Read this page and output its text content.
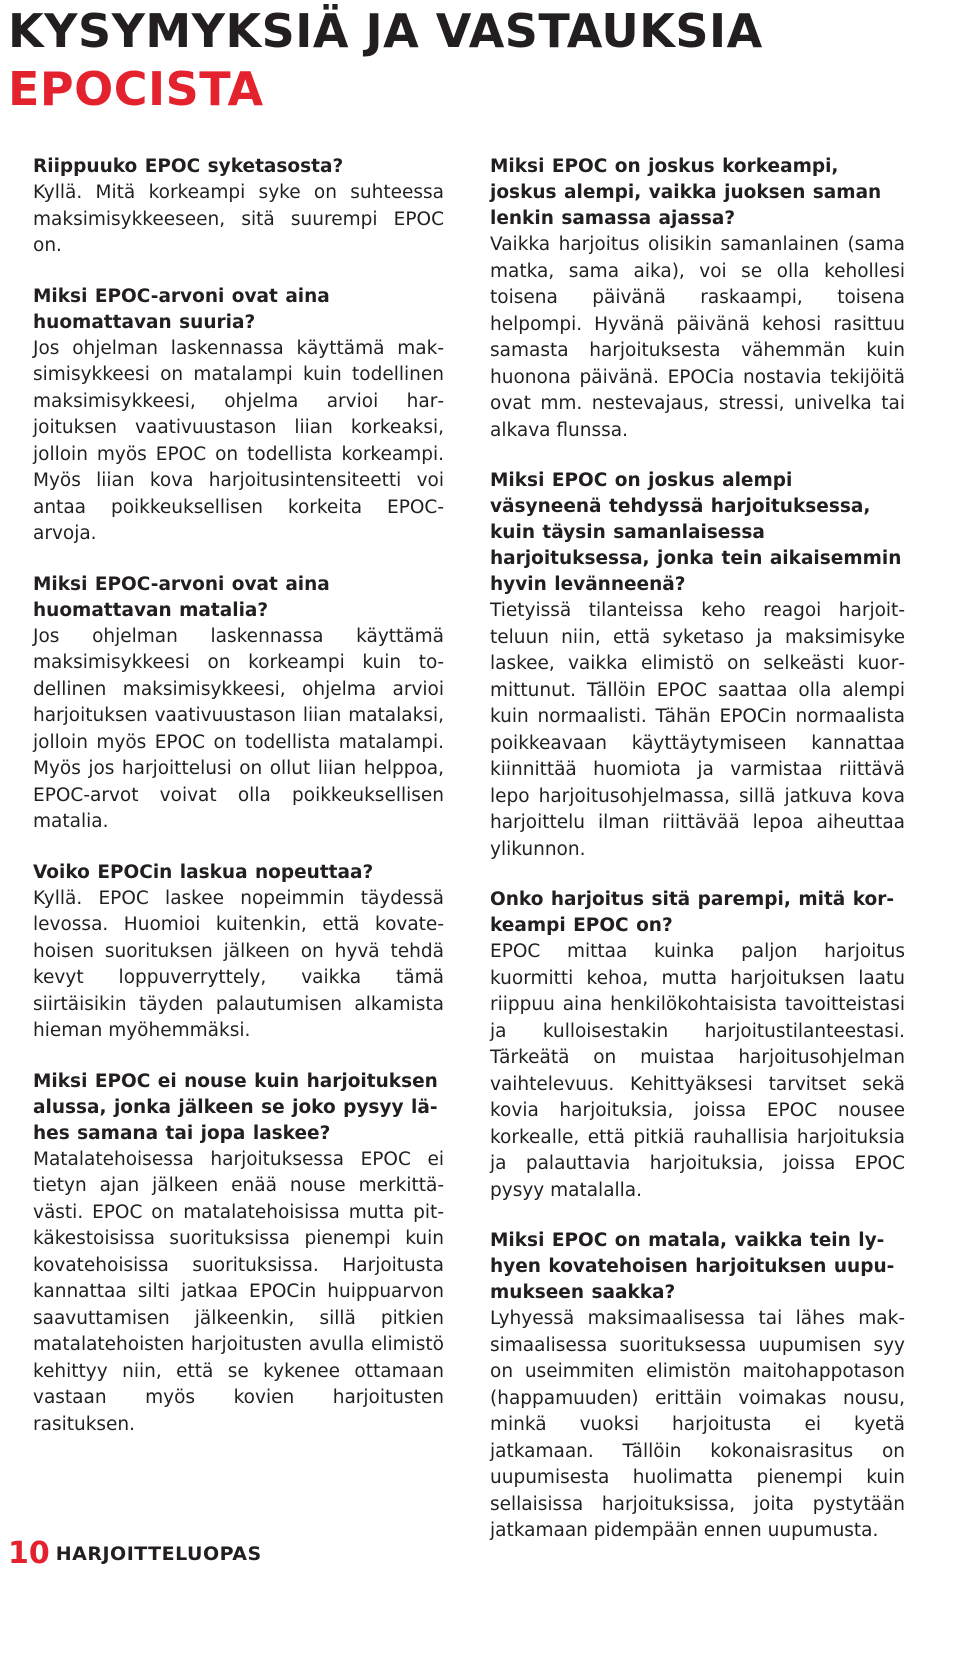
KYSYMYKSIÄ JA VASTAUKSIA
EPOCISTA

Riippuuko EPOC syketasosta?

Kyllä. Mitä korkeampi syke on suhteessa maksimisykkeeseen, sitä suurempi EPOC on.

Miksi EPOC-arvoni ovat aina huomattavan suuria?

Jos ohjelman laskennassa käyttämä maksimisykkeesi on matalampi kuin todellinen maksimisykkeesi, ohjelma arvioi harjoituksen vaativuustason liian korkeaksi, jolloin myös EPOC on todellista korkeampi. Myös liian kova harjoitusintensiteetti voi antaa poikkeuksellisen korkeita EPOC-arvoja.

Miksi EPOC-arvoni ovat aina huomattavan matalia?

Jos ohjelman laskennassa käyttämä maksimisykkeesi on korkeampi kuin todellinen maksimisykkeesi, ohjelma arvioi harjoituksen vaativuustason liian matalaksi, jolloin myös EPOC on todellista matalampi. Myös jos harjoittelusi on ollut liian helppoa, EPOC-arvot voivat olla poikkeuksellisen matalia.

Voiko EPOCin laskua nopeuttaa?

Kyllä. EPOC laskee nopeimmin täydessä levossa. Huomioi kuitenkin, että kovatehoisen suorituksen jälkeen on hyvä tehdä kevyt loppuverryttely, vaikka tämä siirtäisikin täyden palautumisen alkamista hieman myöhemmäksi.

Miksi EPOC ei nouse kuin harjoituksen alussa, jonka jälkeen se joko pysyy lähes samana tai jopa laskee?

Matalatehoisessa harjoituksessa EPOC ei tietyn ajan jälkeen enää nouse merkittävästi. EPOC on matalatehoisissa mutta pitkäkestoisissa suorituksissa pienempi kuin kovatehoisissa suorituksissa. Harjoitusta kannattaa silti jatkaa EPOCin huippuarvon saavuttamisen jälkeenkin, sillä pitkien matalatehoisten harjoitusten avulla elimistö kehittyy niin, että se kykenee ottamaan vastaan myös kovien harjoitusten rasituksen.

Miksi EPOC on joskus korkeampi, joskus alempi, vaikka juoksen saman lenkin samassa ajassa?

Vaikka harjoitus olisikin samanlainen (sama matka, sama aika), voi se olla kehollesi toisena päivänä raskaampi, toisena helpompi. Hyvänä päivänä kehosi rasittuu samasta harjoituksesta vähemmän kuin huonona päivänä. EPOCia nostavia tekijöitä ovat mm. nestevajaus, stressi, univelka tai alkava flunssa.

Miksi EPOC on joskus alempi väsyneenä tehdyssä harjoituksessa, kuin täysin samanlaisessa harjoituksessa, jonka tein aikaisemmin hyvin levänneenä?

Tietyissä tilanteissa keho reagoi harjoitteluun niin, että syketaso ja maksimisyke laskee, vaikka elimistö on selkeästi kuormittunut. Tällöin EPOC saattaa olla alempi kuin normaalisti. Tähän EPOCin normaalista poikkeavaan käyttäytymiseen kannattaa kiinnittää huomiota ja varmistaa riittävä lepo harjoitusohjelmassa, sillä jatkuva kova harjoittelu ilman riittävää lepoa aiheuttaa ylikunnon.

Onko harjoitus sitä parempi, mitä korkeampi EPOC on?

EPOC mittaa kuinka paljon harjoitus kuormitti kehoa, mutta harjoituksen laatu riippuu aina henkilökohtaisista tavoitteistasi ja kulloisestakin harjoitustilanteestasi. Tärkeätä on muistaa harjoitusohjelman vaihtelevuus. Kehittyäksesi tarvitset sekä kovia harjoituksia, joissa EPOC nousee korkealle, että pitkiä rauhallisia harjoituksia ja palauttavia harjoituksia, joissa EPOC pysyy matalalla.

Miksi EPOC on matala, vaikka tein lyhyen kovatehoisen harjoituksen uupumukseen saakka?

Lyhyessä maksimaalisessa tai lähes maksimaalisessa suorituksessa uupumisen syy on useimmiten elimistön maitohappotason (happamuuden) erittäin voimakas nousu, minkä vuoksi harjoitusta ei kyetä jatkamaan. Tällöin kokonaisrasitus on uupumisesta huolimatta pienempi kuin sellaisissa harjoituksissa, joita pystytään jatkamaan pidempään ennen uupumusta.

10 HARJOITTELUOPAS
